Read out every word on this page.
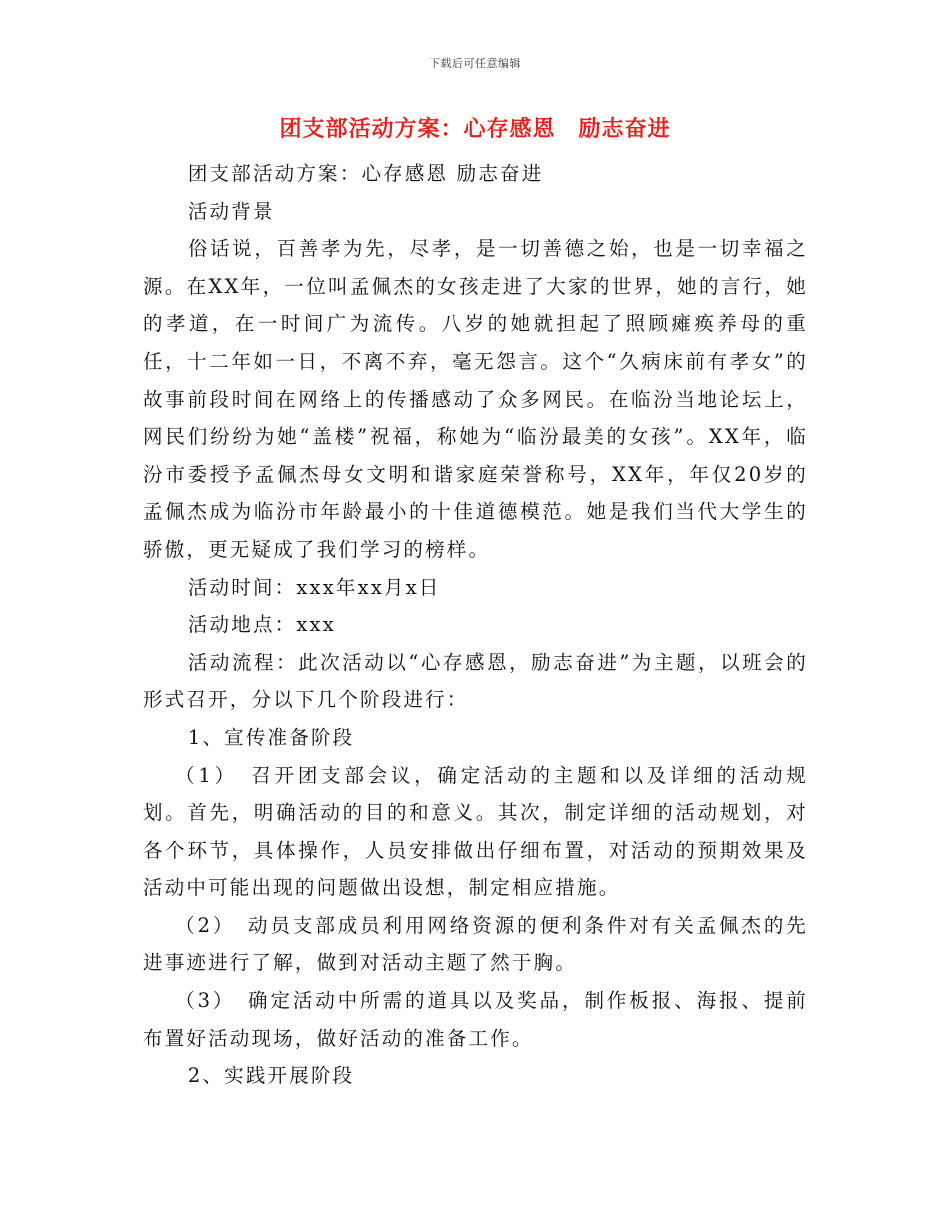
下载后可任意编辑
团支部活动方案：心存感恩　励志奋进

团支部活动方案：心存感恩 励志奋进

活动背景

俗话说，百善孝为先，尽孝，是一切善德之始，也是一切幸福之源。在XX年，一位叫孟佩杰的女孩走进了大家的世界，她的言行，她的孝道，在一时间广为流传。八岁的她就担起了照顾瘫痪养母的重任，十二年如一日，不离不弃，毫无怨言。这个“久病床前有孝女”的故事前段时间在网络上的传播感动了众多网民。在临汾当地论坛上，网民们纷纷为她“盖楼”祝福，称她为“临汾最美的女孩”。XX年，临汾市委授予孟佩杰母女文明和谐家庭荣誉称号，XX年，年仅20岁的孟佩杰成为临汾市年龄最小的十佳道德模范。她是我们当代大学生的骄傲，更无疑成了我们学习的榜样。

活动时间：xxx年xx月x日

活动地点：xxx

活动流程：此次活动以“心存感恩，励志奋进”为主题，以班会的形式召开，分以下几个阶段进行：

1、宣传准备阶段

（1）　召开团支部会议，确定活动的主题和以及详细的活动规划。首先，明确活动的目的和意义。其次，制定详细的活动规划，对各个环节，具体操作，人员安排做出仔细布置，对活动的预期效果及活动中可能出现的问题做出设想，制定相应措施。

（2）　动员支部成员利用网络资源的便利条件对有关孟佩杰的先进事迹进行了解，做到对活动主题了然于胸。

（3）　确定活动中所需的道具以及奖品，制作板报、海报、提前布置好活动现场，做好活动的准备工作。

2、实践开展阶段
